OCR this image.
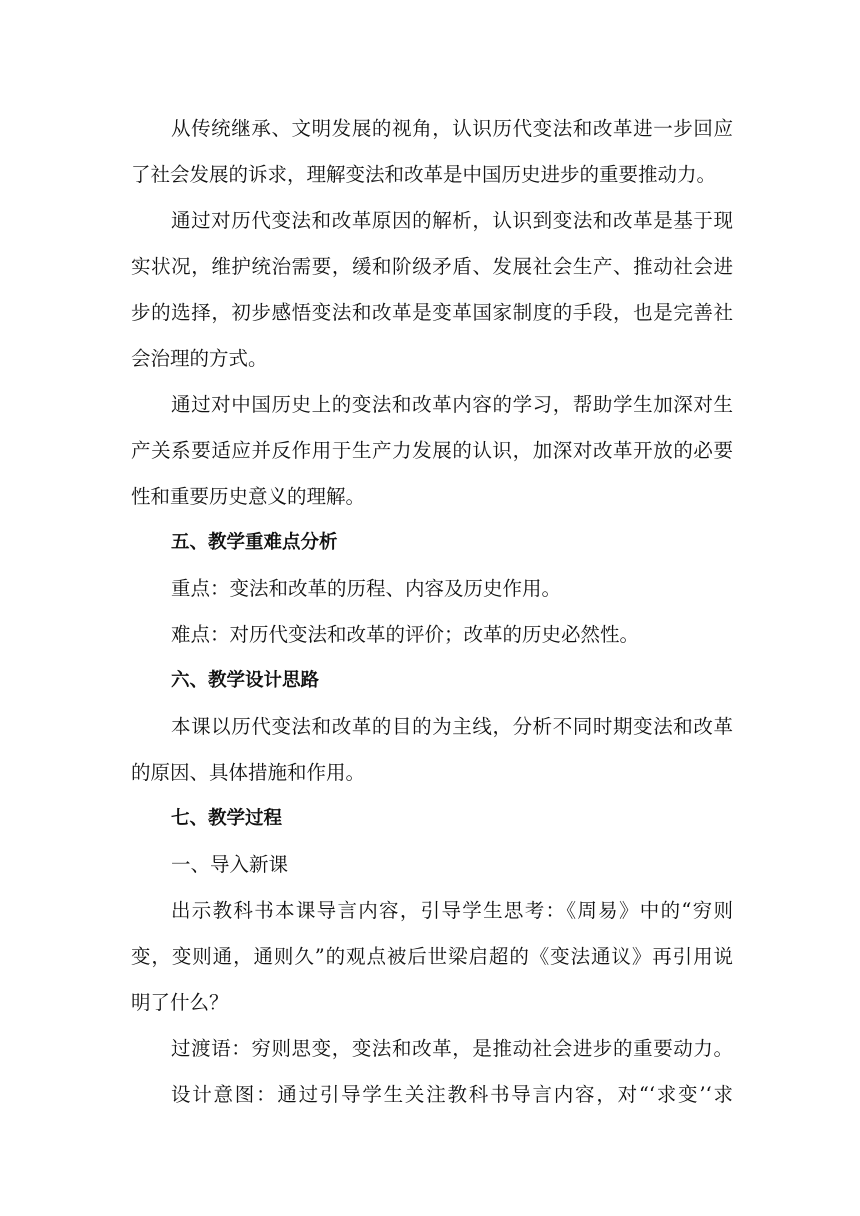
从传统继承、文明发展的视角，认识历代变法和改革进一步回应
了社会发展的诉求，理解变法和改革是中国历史进步的重要推动力。
通过对历代变法和改革原因的解析，认识到变法和改革是基于现
实状况，维护统治需要，缓和阶级矛盾、发展社会生产、推动社会进
步的选择，初步感悟变法和改革是变革国家制度的手段，也是完善社
会治理的方式。
通过对中国历史上的变法和改革内容的学习，帮助学生加深对生
产关系要适应并反作用于生产力发展的认识，加深对改革开放的必要
性和重要历史意义的理解。
五、教学重难点分析
重点：变法和改革的历程、内容及历史作用。
难点：对历代变法和改革的评价；改革的历史必然性。
六、教学设计思路
本课以历代变法和改革的目的为主线，分析不同时期变法和改革
的原因、具体措施和作用。
七、教学过程
一、导入新课
出示教科书本课导言内容，引导学生思考：《周易》中的“穷则
变，变则通，通则久”的观点被后世梁启超的《变法通议》再引用说
明了什么？
过渡语：穷则思变，变法和改革，是推动社会进步的重要动力。
设计意图：通过引导学生关注教科书导言内容，对“‘求变’‘求
